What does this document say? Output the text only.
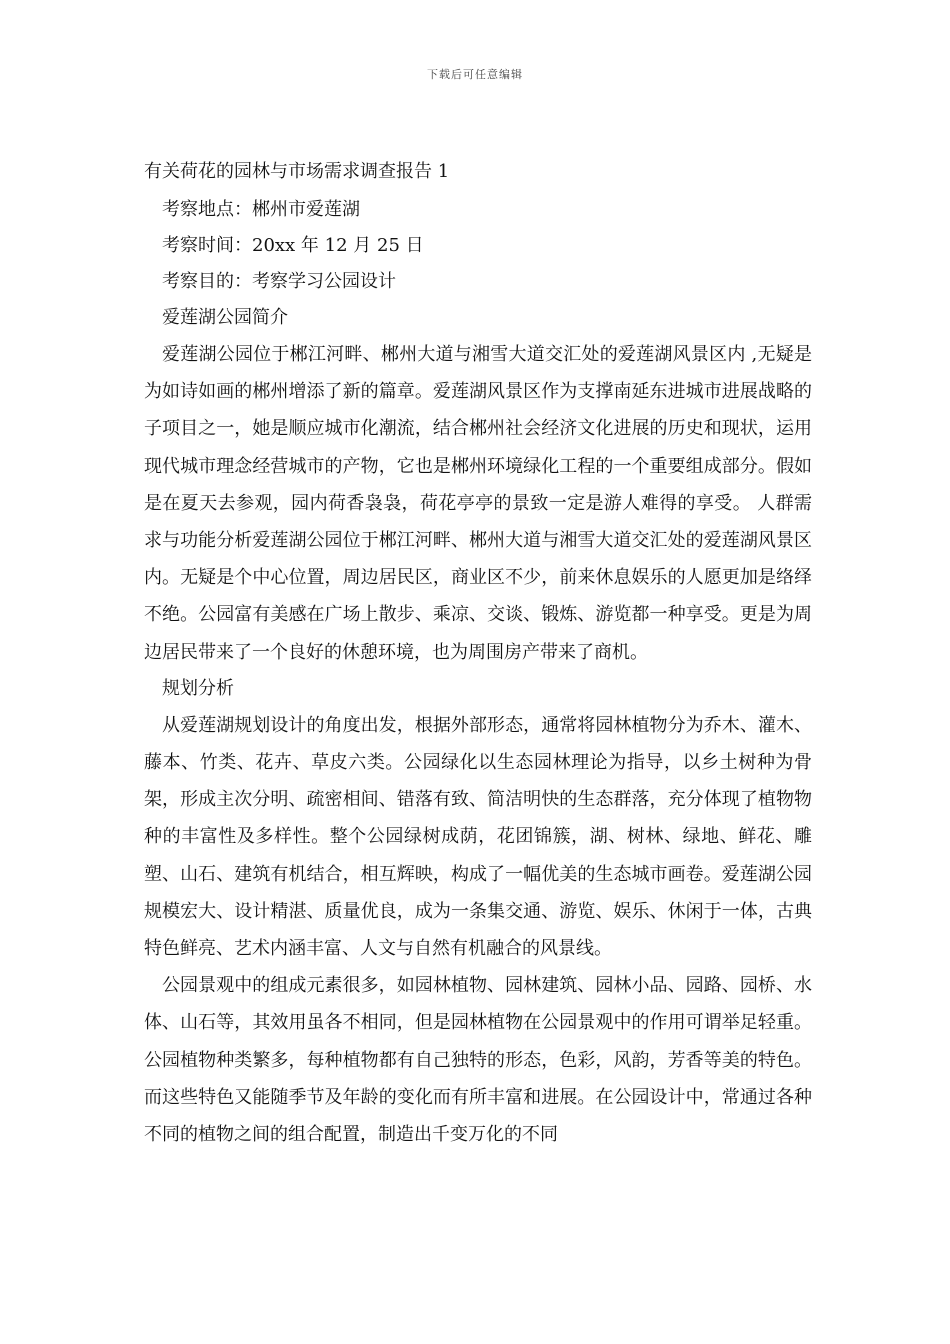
下载后可任意编辑

有关荷花的园林与市场需求调查报告 1

考察地点：郴州市爱莲湖

考察时间：20xx 年 12 月 25 日

考察目的：考察学习公园设计

爱莲湖公园简介

爱莲湖公园位于郴江河畔、郴州大道与湘雪大道交汇处的爱莲湖风景区内 ,无疑是为如诗如画的郴州增添了新的篇章。爱莲湖风景区作为支撑南延东进城市进展战略的子项目之一，她是顺应城市化潮流，结合郴州社会经济文化进展的历史和现状，运用现代城市理念经营城市的产物，它也是郴州环境绿化工程的一个重要组成部分。假如是在夏天去参观，园内荷香袅袅，荷花亭亭的景致一定是游人难得的享受。 人群需求与功能分析爱莲湖公园位于郴江河畔、郴州大道与湘雪大道交汇处的爱莲湖风景区内。无疑是个中心位置，周边居民区，商业区不少，前来休息娱乐的人愿更加是络绎不绝。公园富有美感在广场上散步、乘凉、交谈、锻炼、游览都一种享受。更是为周边居民带来了一个良好的休憩环境，也为周围房产带来了商机。

规划分析

从爱莲湖规划设计的角度出发，根据外部形态，通常将园林植物分为乔木、灌木、藤本、竹类、花卉、草皮六类。公园绿化以生态园林理论为指导，以乡土树种为骨架，形成主次分明、疏密相间、错落有致、简洁明快的生态群落，充分体现了植物物种的丰富性及多样性。整个公园绿树成荫，花团锦簇，湖、树林、绿地、鲜花、雕塑、山石、建筑有机结合，相互辉映，构成了一幅优美的生态城市画卷。爱莲湖公园规模宏大、设计精湛、质量优良，成为一条集交通、游览、娱乐、休闲于一体，古典特色鲜亮、艺术内涵丰富、人文与自然有机融合的风景线。

公园景观中的组成元素很多，如园林植物、园林建筑、园林小品、园路、园桥、水体、山石等，其效用虽各不相同，但是园林植物在公园景观中的作用可谓举足轻重。公园植物种类繁多，每种植物都有自己独特的形态，色彩，风韵，芳香等美的特色。而这些特色又能随季节及年龄的变化而有所丰富和进展。在公园设计中，常通过各种不同的植物之间的组合配置，制造出千变万化的不同
